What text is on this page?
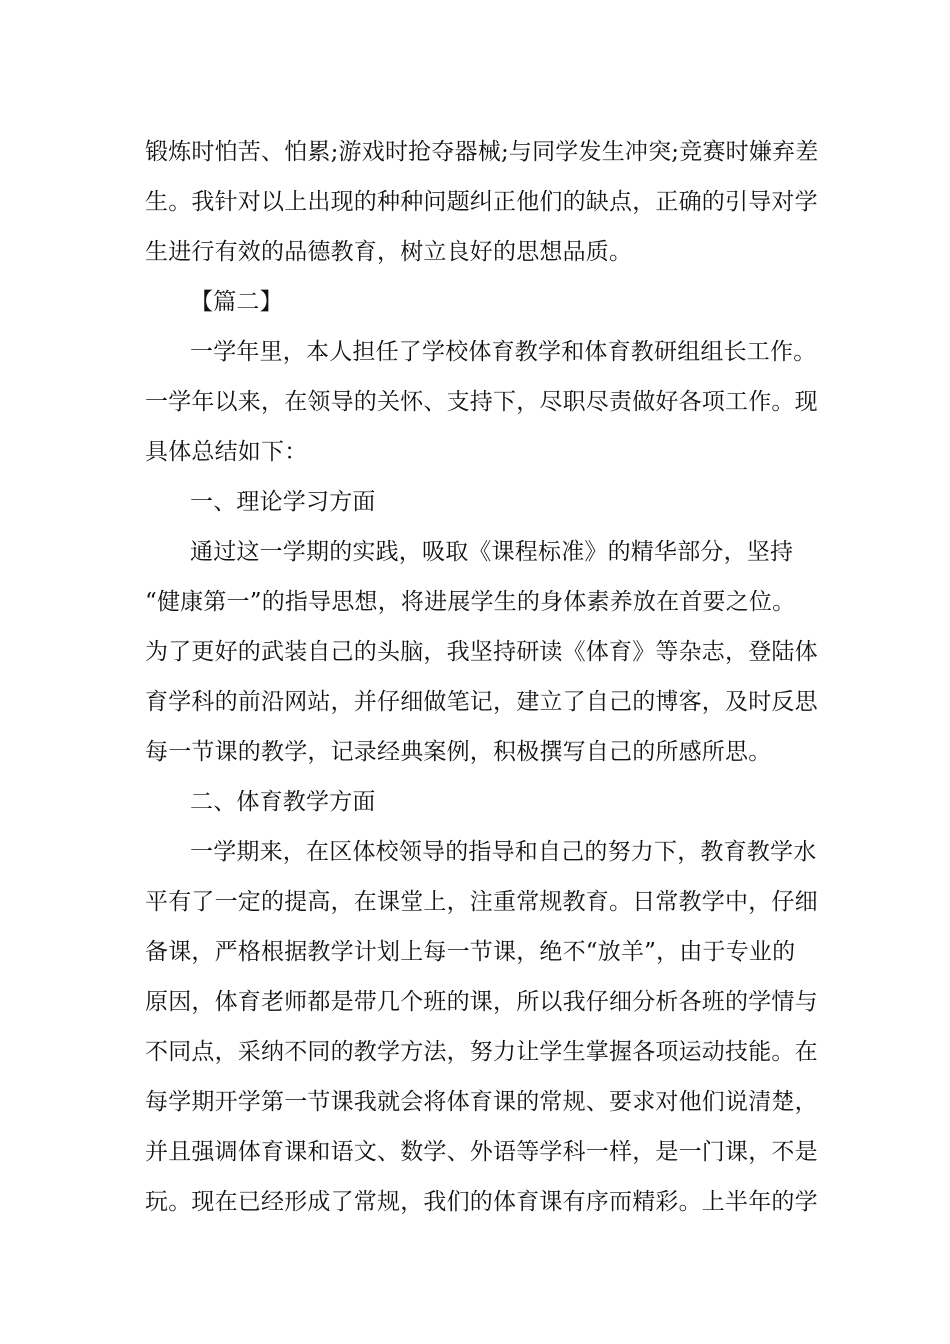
锻炼时怕苦、怕累;游戏时抢夺器械;与同学发生冲突;竞赛时嫌弃差
生。我针对以上出现的种种问题纠正他们的缺点，正确的引导对学
生进行有效的品德教育，树立良好的思想品质。
【篇二】
一学年里，本人担任了学校体育教学和体育教研组组长工作。
一学年以来，在领导的关怀、支持下，尽职尽责做好各项工作。现
具体总结如下：
一、理论学习方面
通过这一学期的实践，吸取《课程标准》的精华部分，坚持
“健康第一”的指导思想，将进展学生的身体素养放在首要之位。
为了更好的武装自己的头脑，我坚持研读《体育》等杂志，登陆体
育学科的前沿网站，并仔细做笔记，建立了自己的博客，及时反思
每一节课的教学，记录经典案例，积极撰写自己的所感所思。
二、体育教学方面
一学期来，在区体校领导的指导和自己的努力下，教育教学水
平有了一定的提高，在课堂上，注重常规教育。日常教学中，仔细
备课，严格根据教学计划上每一节课，绝不“放羊”，由于专业的
原因，体育老师都是带几个班的课，所以我仔细分析各班的学情与
不同点，采纳不同的教学方法，努力让学生掌握各项运动技能。在
每学期开学第一节课我就会将体育课的常规、要求对他们说清楚，
并且强调体育课和语文、数学、外语等学科一样，是一门课，不是
玩。现在已经形成了常规，我们的体育课有序而精彩。上半年的学
